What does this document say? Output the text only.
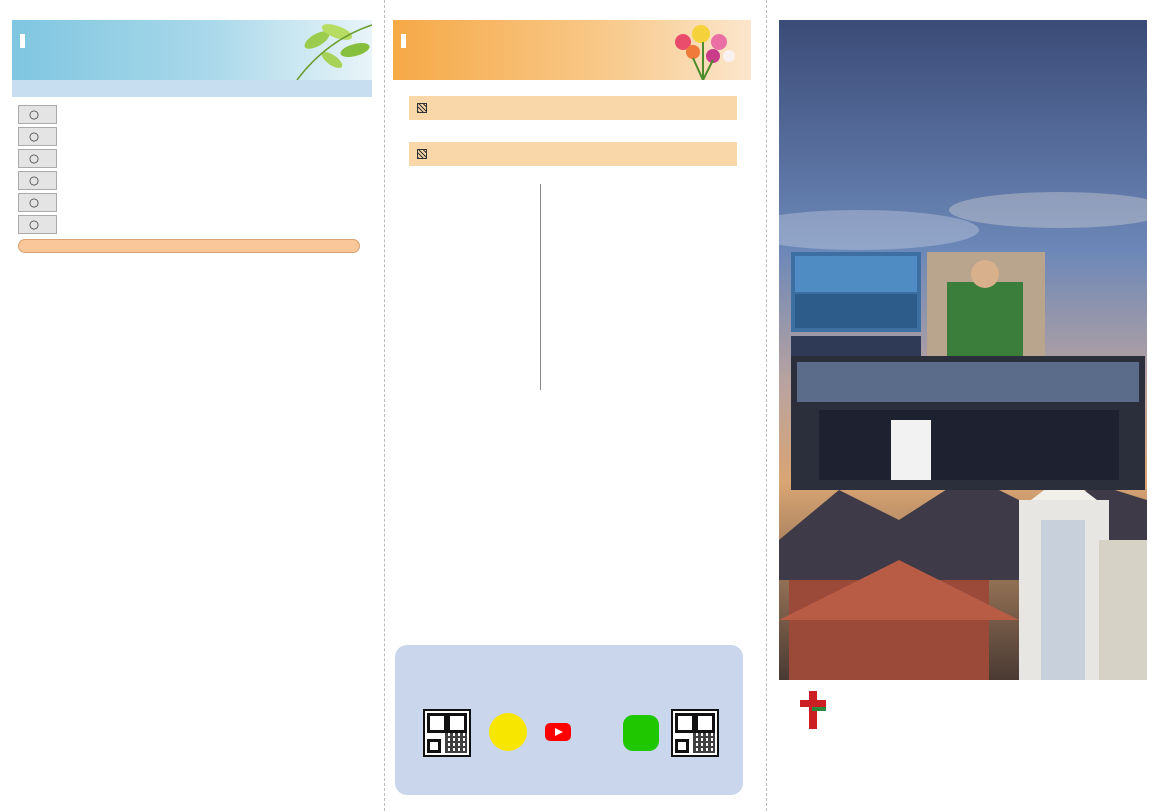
○
○
○
○
○
○
